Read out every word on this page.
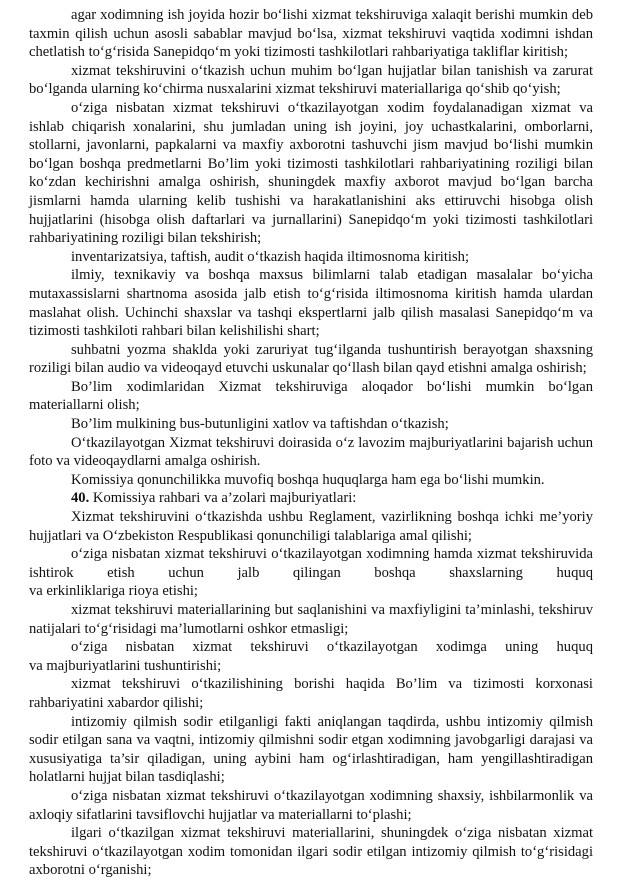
agar xodimning ish joyida hozir bo‘lishi xizmat tekshiruviga xalaqit berishi mumkin deb taxmin qilish uchun asosli sabablar mavjud bo‘lsa, xizmat tekshiruvi vaqtida xodimni ishdan chetlatish to‘g‘risida Sanepidqo‘m yoki tizimosti tashkilotlari rahbariyatiga takliflar kiritish;

xizmat tekshiruvini o‘tkazish uchun muhim bo‘lgan hujjatlar bilan tanishish va zarurat bo‘lganda ularning ko‘chirma nusxalarini xizmat tekshiruvi materiallariga qo‘shib qo‘yish;

o‘ziga nisbatan xizmat tekshiruvi o‘tkazilayotgan xodim foydalanadigan xizmat va ishlab chiqarish xonalarini, shu jumladan uning ish joyini, joy uchastkalarini, omborlarni, stollarni, javonlarni, papkalarni va maxfiy axborotni tashuvchi jism mavjud bo‘lishi mumkin bo‘lgan boshqa predmetlarni Bo’lim yoki tizimosti tashkilotlari rahbariyatining roziligi bilan ko‘zdan kechirishni amalga oshirish, shuningdek maxfiy axborot mavjud bo‘lgan barcha jismlarni hamda ularning kelib tushishi va harakatlanishini aks ettiruvchi hisobga olish hujjatlarini (hisobga olish daftarlari va jurnallarini) Sanepidqo‘m yoki tizimosti tashkilotlari rahbariyatining roziligi bilan tekshirish;

inventarizatsiya, taftish, audit o‘tkazish haqida iltimosnoma kiritish;

ilmiy, texnikaviy va boshqa maxsus bilimlarni talab etadigan masalalar bo‘yicha mutaxassislarni shartnoma asosida jalb etish to‘g‘risida iltimosnoma kiritish hamda ulardan maslahat olish. Uchinchi shaxslar va tashqi ekspertlarni jalb qilish masalasi Sanepidqo‘m va tizimosti tashkiloti rahbari bilan kelishilishi shart;

suhbatni yozma shaklda yoki zaruriyat tug‘ilganda tushuntirish berayotgan shaxsning roziligi bilan audio va videoqayd etuvchi uskunalar qo‘llash bilan qayd etishni amalga oshirish;

Bo’lim xodimlaridan Xizmat tekshiruviga aloqador bo‘lishi mumkin bo‘lgan materiallarni olish;

Bo’lim mulkining bus-butunligini xatlov va taftishdan o‘tkazish;

O‘tkazilayotgan Xizmat tekshiruvi doirasida o‘z lavozim majburiyatlarini bajarish uchun foto va videoqaydlarni amalga oshirish.

Komissiya qonunchilikka muvofiq boshqa huquqlarga ham ega bo‘lishi mumkin.

40. Komissiya rahbari va a’zolari majburiyatlari:

Xizmat tekshiruvini o‘tkazishda ushbu Reglament, vazirlikning boshqa ichki me’yoriy hujjatlari va O‘zbekiston Respublikasi qonunchiligi talablariga amal qilishi;

o‘ziga nisbatan xizmat tekshiruvi o‘tkazilayotgan xodimning hamda xizmat tekshiruvida ishtirok etish uchun jalb qilingan boshqa shaxslarning huquq

va erkinliklariga rioya etishi;

xizmat tekshiruvi materiallarining but saqlanishini va maxfiyligini ta’minlashi, tekshiruv natijalari to‘g‘risidagi ma’lumotlarni oshkor etmasligi;

o‘ziga nisbatan xizmat tekshiruvi o‘tkazilayotgan xodimga uning huquq

va majburiyatlarini tushuntirishi;

xizmat tekshiruvi o‘tkazilishining borishi haqida Bo’lim va tizimosti korxonasi rahbariyatini xabardor qilishi;

intizomiy qilmish sodir etilganligi fakti aniqlangan taqdirda, ushbu intizomiy qilmish sodir etilgan sana va vaqtni, intizomiy qilmishni sodir etgan xodimning javobgarligi darajasi va xususiyatiga ta’sir qiladigan, uning aybini ham og‘irlashtiradigan, ham yengillashtiradigan holatlarni hujjat bilan tasdiqlashi;

o‘ziga nisbatan xizmat tekshiruvi o‘tkazilayotgan xodimning shaxsiy, ishbilarmonlik va axloqiy sifatlarini tavsiflovchi hujjatlar va materiallarni to‘plashi;

ilgari o‘tkazilgan xizmat tekshiruvi materiallarini, shuningdek o‘ziga nisbatan xizmat tekshiruvi o‘tkazilayotgan xodim tomonidan ilgari sodir etilgan intizomiy qilmish to‘g‘risidagi axborotni o‘rganishi;
